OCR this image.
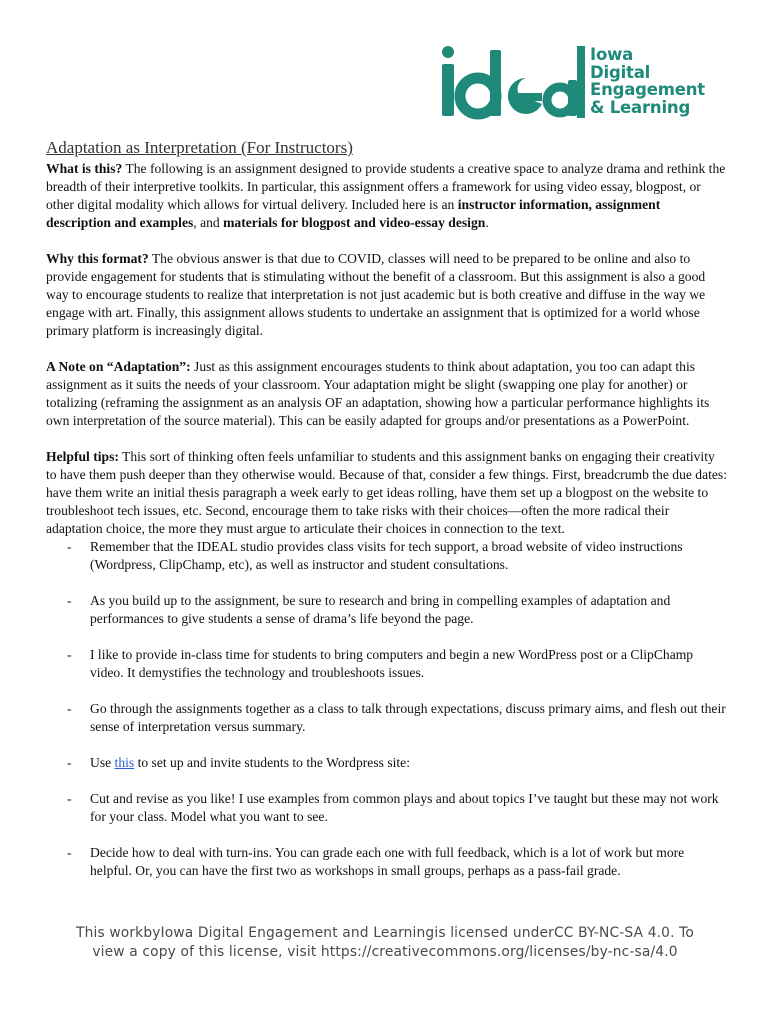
Iowa
Digital
Engagement
& Learning
Adaptation as Interpretation (For Instructors)

What is this? The following is an assignment designed to provide students a creative space to analyze drama and rethink the breadth of their interpretive toolkits. In particular, this assignment offers a framework for using video essay, blogpost, or other digital modality which allows for virtual delivery. Included here is an instructor information, assignment description and examples, and materials for blogpost and video-essay design.

Why this format? The obvious answer is that due to COVID, classes will need to be prepared to be online and also to provide engagement for students that is stimulating without the benefit of a classroom. But this assignment is also a good way to encourage students to realize that interpretation is not just academic but is both creative and diffuse in the way we engage with art. Finally, this assignment allows students to undertake an assignment that is optimized for a world whose primary platform is increasingly digital.

A Note on “Adaptation”: Just as this assignment encourages students to think about adaptation, you too can adapt this assignment as it suits the needs of your classroom. Your adaptation might be slight (swapping one play for another) or totalizing (reframing the assignment as an analysis OF an adaptation, showing how a particular performance highlights its own interpretation of the source material). This can be easily adapted for groups and/or presentations as a PowerPoint.

Helpful tips: This sort of thinking often feels unfamiliar to students and this assignment banks on engaging their creativity to have them push deeper than they otherwise would. Because of that, consider a few things. First, breadcrumb the due dates: have them write an initial thesis paragraph a week early to get ideas rolling, have them set up a blogpost on the website to troubleshoot tech issues, etc. Second, encourage them to take risks with their choices—often the more radical their adaptation choice, the more they must argue to articulate their choices in connection to the text.

- Remember that the IDEAL studio provides class visits for tech support, a broad website of video instructions (Wordpress, ClipChamp, etc), as well as instructor and student consultations.
- As you build up to the assignment, be sure to research and bring in compelling examples of adaptation and performances to give students a sense of drama’s life beyond the page.
- I like to provide in-class time for students to bring computers and begin a new WordPress post or a ClipChamp video. It demystifies the technology and troubleshoots issues.
- Go through the assignments together as a class to talk through expectations, discuss primary aims, and flesh out their sense of interpretation versus summary.
- Use this to set up and invite students to the Wordpress site:
- Cut and revise as you like! I use examples from common plays and about topics I’ve taught but these may not work for your class. Model what you want to see.
- Decide how to deal with turn-ins. You can grade each one with full feedback, which is a lot of work but more helpful. Or, you can have the first two as workshops in small groups, perhaps as a pass-fail grade.
This workbyIowa Digital Engagement and Learningis licensed underCC BY-NC-SA 4.0. To
view a copy of this license, visit https://creativecommons.org/licenses/by-nc-sa/4.0
